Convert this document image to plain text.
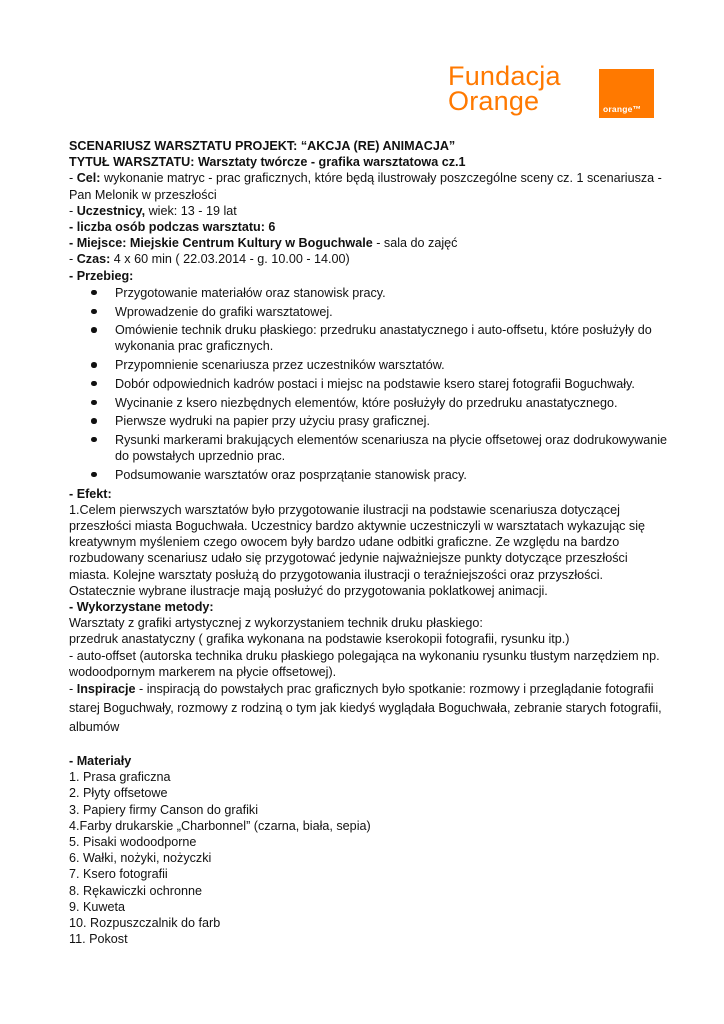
Fundacja
Orange	orange™

SCENARIUSZ WARSZTATU PROJEKT: “AKCJA (RE) ANIMACJA”

TYTUŁ WARSZTATU: Warsztaty twórcze - grafika warsztatowa cz.1

- Cel: wykonanie matryc - prac graficznych, które będą ilustrowały poszczególne sceny cz. 1 scenariusza - Pan Melonik w przeszłości

- Uczestnicy, wiek: 13 - 19 lat

- liczba osób podczas warsztatu: 6

- Miejsce: Miejskie Centrum Kultury w Boguchwale - sala do zajęć

- Czas: 4 x 60 min ( 22.03.2014 - g. 10.00 - 14.00)

- Przebieg:

Przygotowanie materiałów oraz stanowisk pracy.
Wprowadzenie do grafiki warsztatowej.
Omówienie technik druku płaskiego: przedruku anastatycznego i auto-offsetu, które posłużyły do wykonania prac graficznych.
Przypomnienie scenariusza przez uczestników warsztatów.
Dobór odpowiednich kadrów postaci i miejsc na podstawie ksero starej fotografii Boguchwały.
Wycinanie z ksero niezbędnych elementów, które posłużyły do przedruku anastatycznego.
Pierwsze wydruki na papier przy użyciu prasy graficznej.
Rysunki markerami brakujących elementów scenariusza na płycie offsetowej oraz dodrukowywanie do powstałych uprzednio prac.
Podsumowanie warsztatów oraz posprzątanie stanowisk pracy.

- Efekt:

1.Celem pierwszych warsztatów było przygotowanie ilustracji na podstawie scenariusza dotyczącej przeszłości miasta Boguchwała. Uczestnicy bardzo aktywnie uczestniczyli w warsztatach wykazując się kreatywnym myśleniem czego owocem były bardzo udane odbitki graficzne. Ze względu na bardzo rozbudowany scenariusz udało się przygotować jedynie najważniejsze punkty dotyczące przeszłości miasta. Kolejne warsztaty posłużą do przygotowania ilustracji o teraźniejszości oraz przyszłości.

Ostatecznie wybrane ilustracje mają posłużyć do przygotowania poklatkowej animacji.

- Wykorzystane metody:

Warsztaty z grafiki artystycznej z wykorzystaniem technik druku płaskiego:

przedruk anastatyczny ( grafika wykonana na podstawie kserokopii fotografii, rysunku itp.)

- auto-offset (autorska technika druku płaskiego polegająca na wykonaniu rysunku tłustym narzędziem np. wodoodpornym markerem na płycie offsetowej).

- Inspiracje - inspiracją do powstałych prac graficznych było spotkanie: rozmowy i przeglądanie fotografii starej Boguchwały, rozmowy z rodziną o tym jak kiedyś wyglądała Boguchwała, zebranie starych fotografii, albumów

- Materiały

1. Prasa graficzna

2. Płyty offsetowe

3. Papiery firmy Canson do grafiki

4.Farby drukarskie „Charbonnel” (czarna, biała, sepia)

5. Pisaki wodoodporne

6. Wałki, nożyki, nożyczki

7. Ksero fotografii

8. Rękawiczki ochronne

9. Kuweta

10. Rozpuszczalnik do farb

11. Pokost
